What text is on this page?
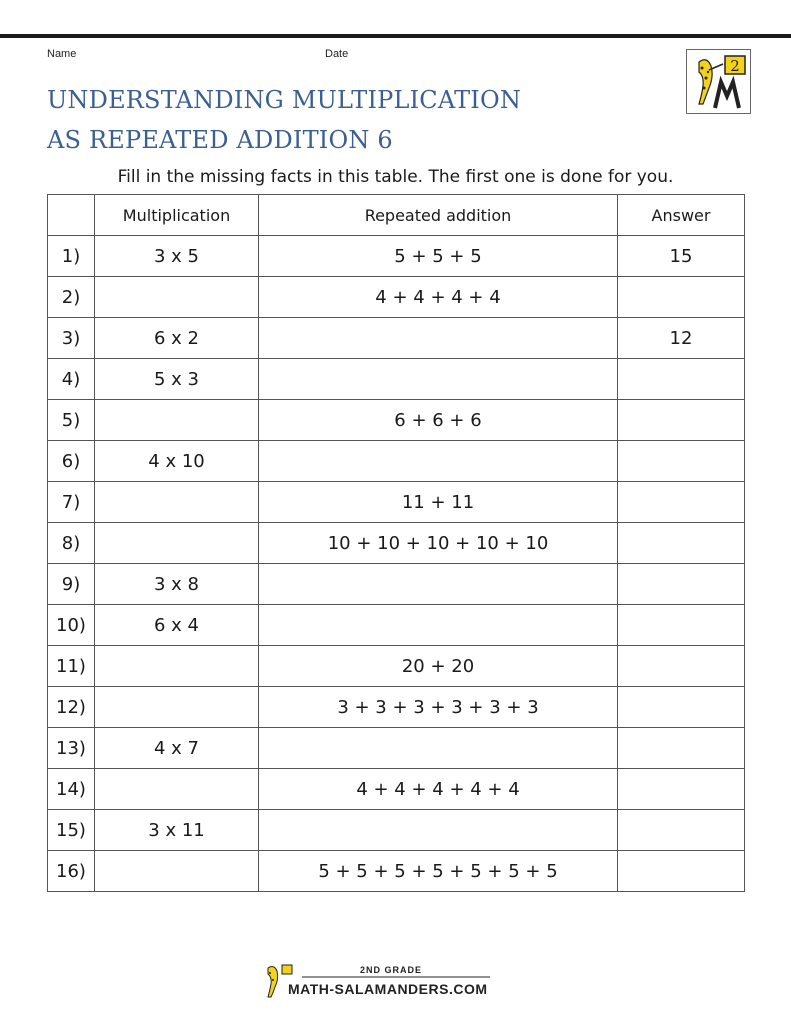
Name	Date
UNDERSTANDING MULTIPLICATION
AS REPEATED ADDITION 6
2
Fill in the missing facts in this table. The first one is done for you.
	Multiplication	Repeated addition	Answer
1)	3 x 5	5 + 5 + 5	15
2)		4 + 4 + 4 + 4	
3)	6 x 2		12
4)	5 x 3		
5)		6 + 6 + 6	
6)	4 x 10		
7)		11 + 11	
8)		10 + 10 + 10 + 10 + 10	
9)	3 x 8		
10)	6 x 4		
11)		20 + 20	
12)		3 + 3 + 3 + 3 + 3 + 3	
13)	4 x 7		
14)		4 + 4 + 4 + 4 + 4	
15)	3 x 11		
16)		5 + 5 + 5 + 5 + 5 + 5 + 5	
2ND GRADE
MATH-SALAMANDERS.COM
